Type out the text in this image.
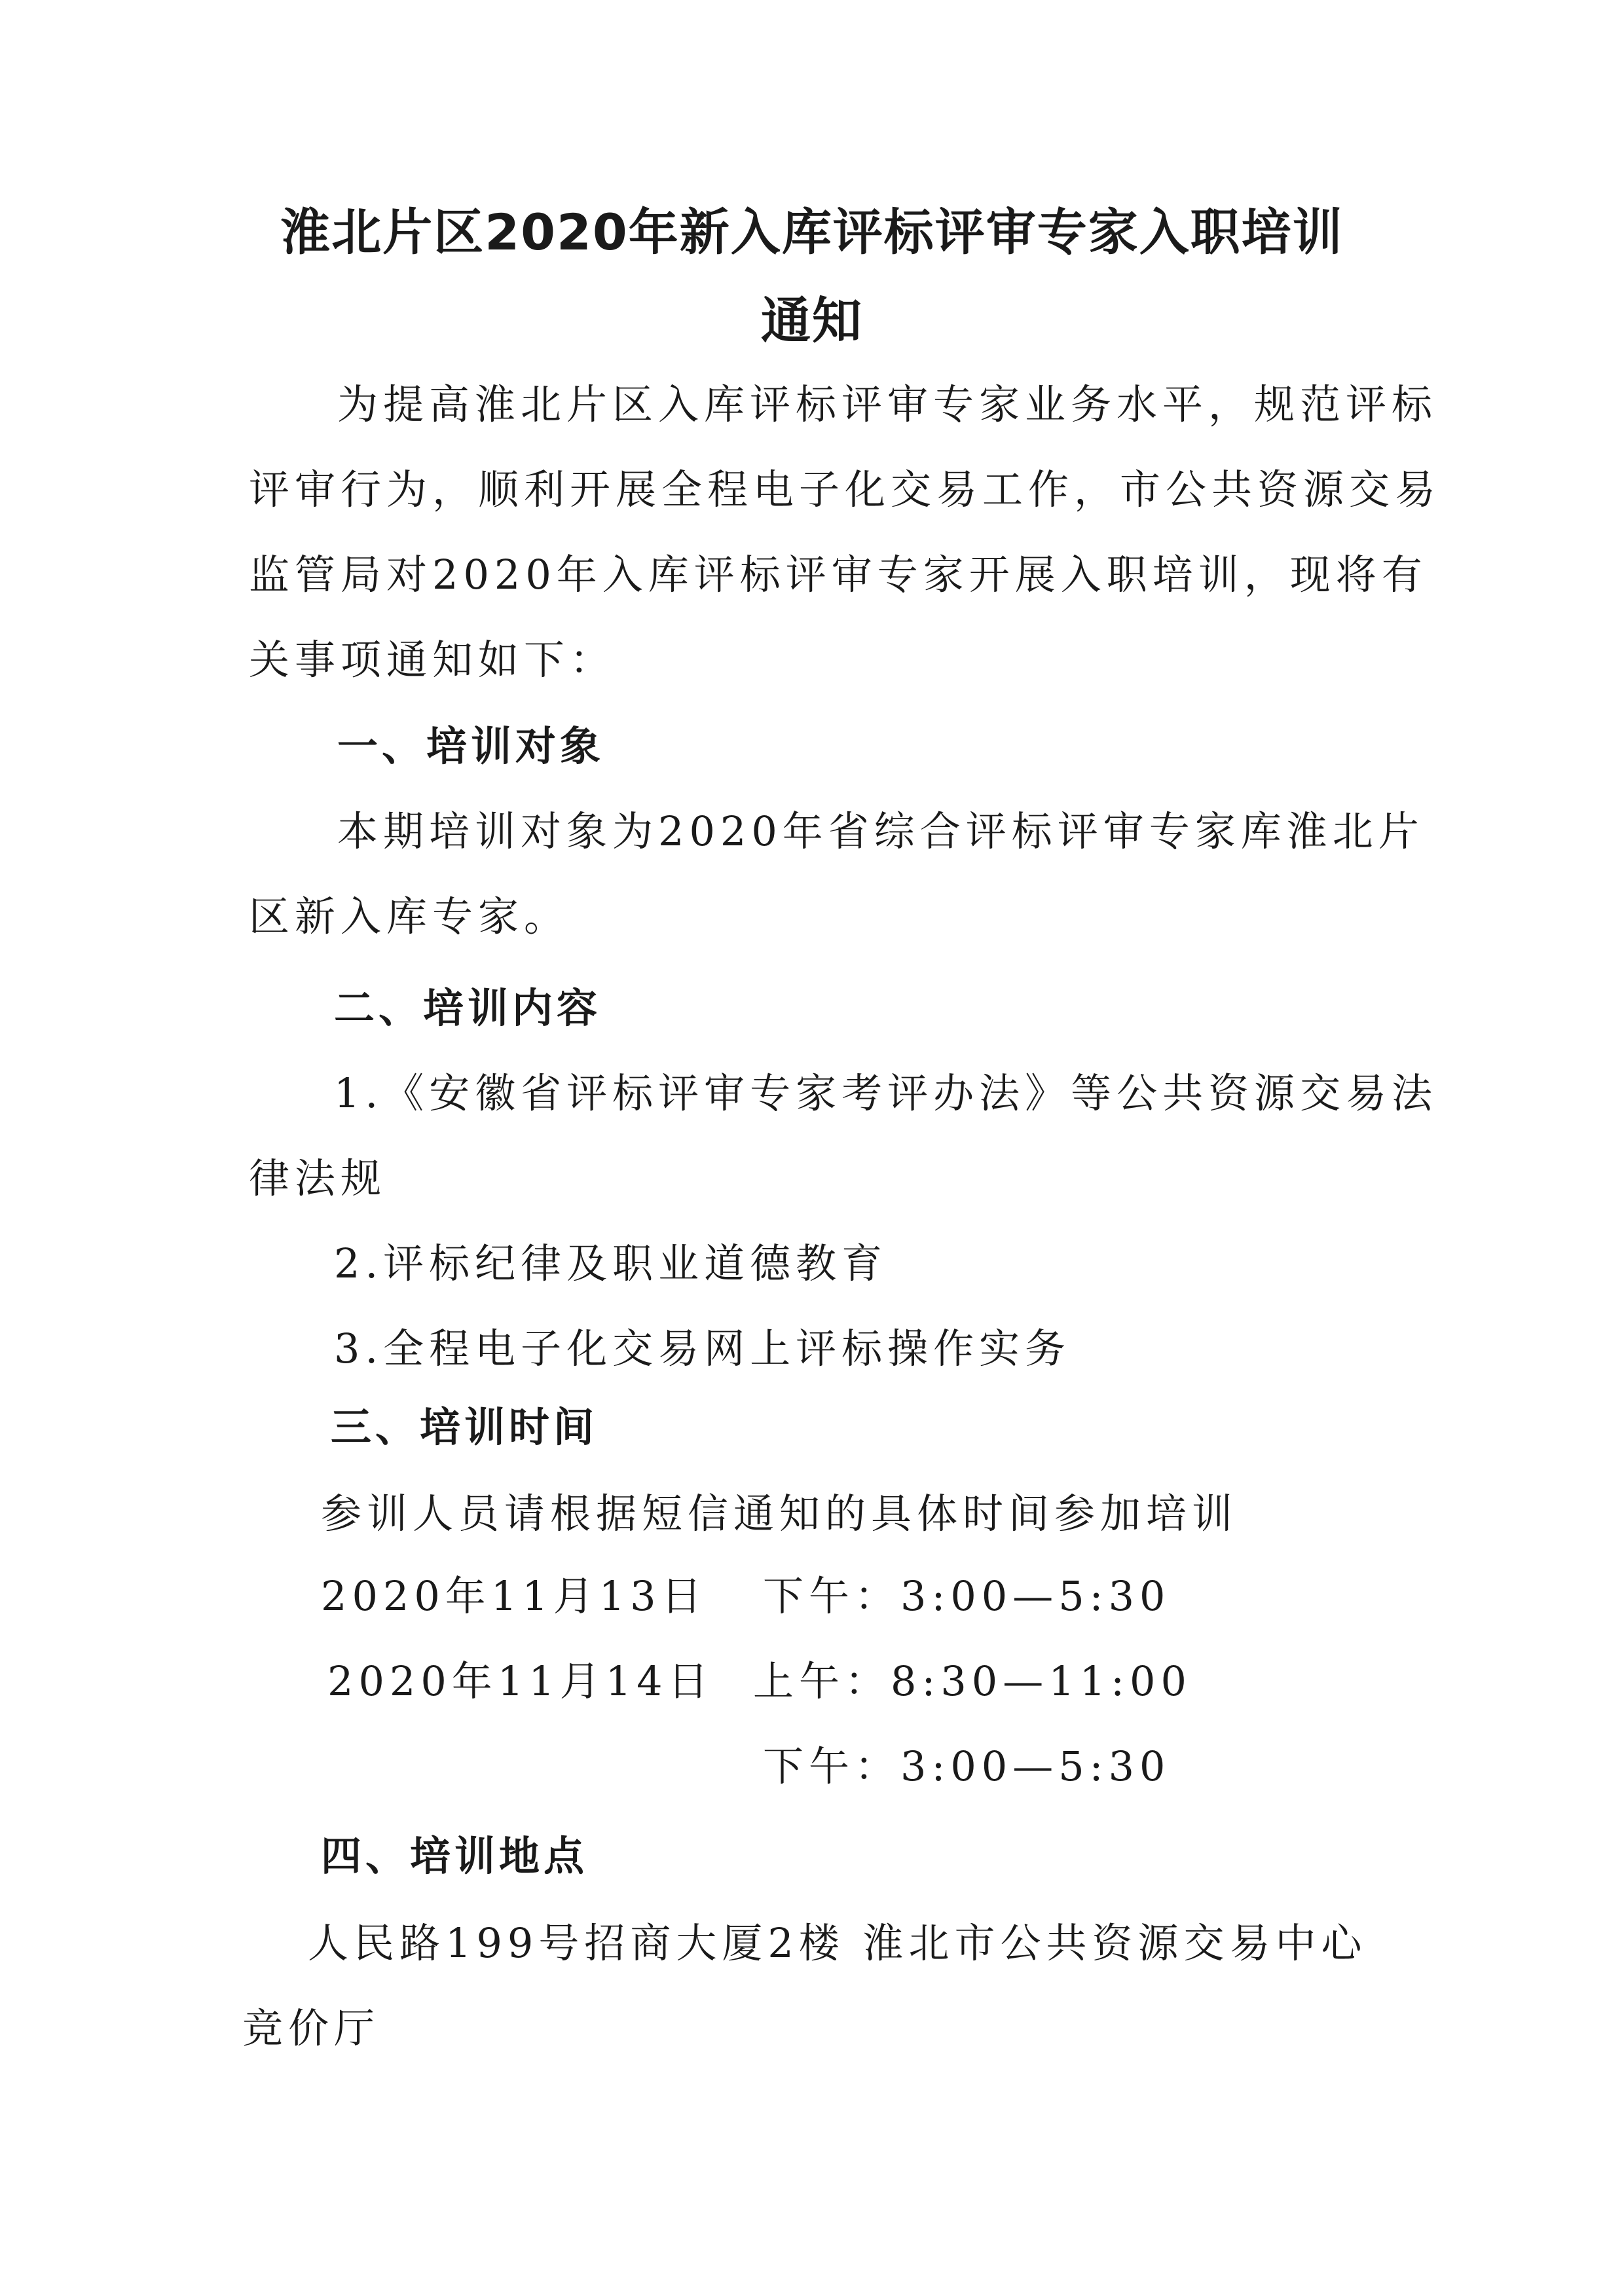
淮北片区2020年新入库评标评审专家入职培训
通知
为提高淮北片区入库评标评审专家业务水平，规范评标
评审行为，顺利开展全程电子化交易工作，市公共资源交易
监管局对2020年入库评标评审专家开展入职培训，现将有
关事项通知如下：
一、培训对象
本期培训对象为2020年省综合评标评审专家库淮北片
区新入库专家。
二、培训内容
1.《安徽省评标评审专家考评办法》等公共资源交易法
律法规
2.评标纪律及职业道德教育
3.全程电子化交易网上评标操作实务
三、培训时间
参训人员请根据短信通知的具体时间参加培训
2020年11月13日 下午：3:00—5:30
2020年11月14日 上午：8:30—11:00
下午：3:00—5:30
四、培训地点
人民路199号招商大厦2楼 淮北市公共资源交易中心
竞价厅
